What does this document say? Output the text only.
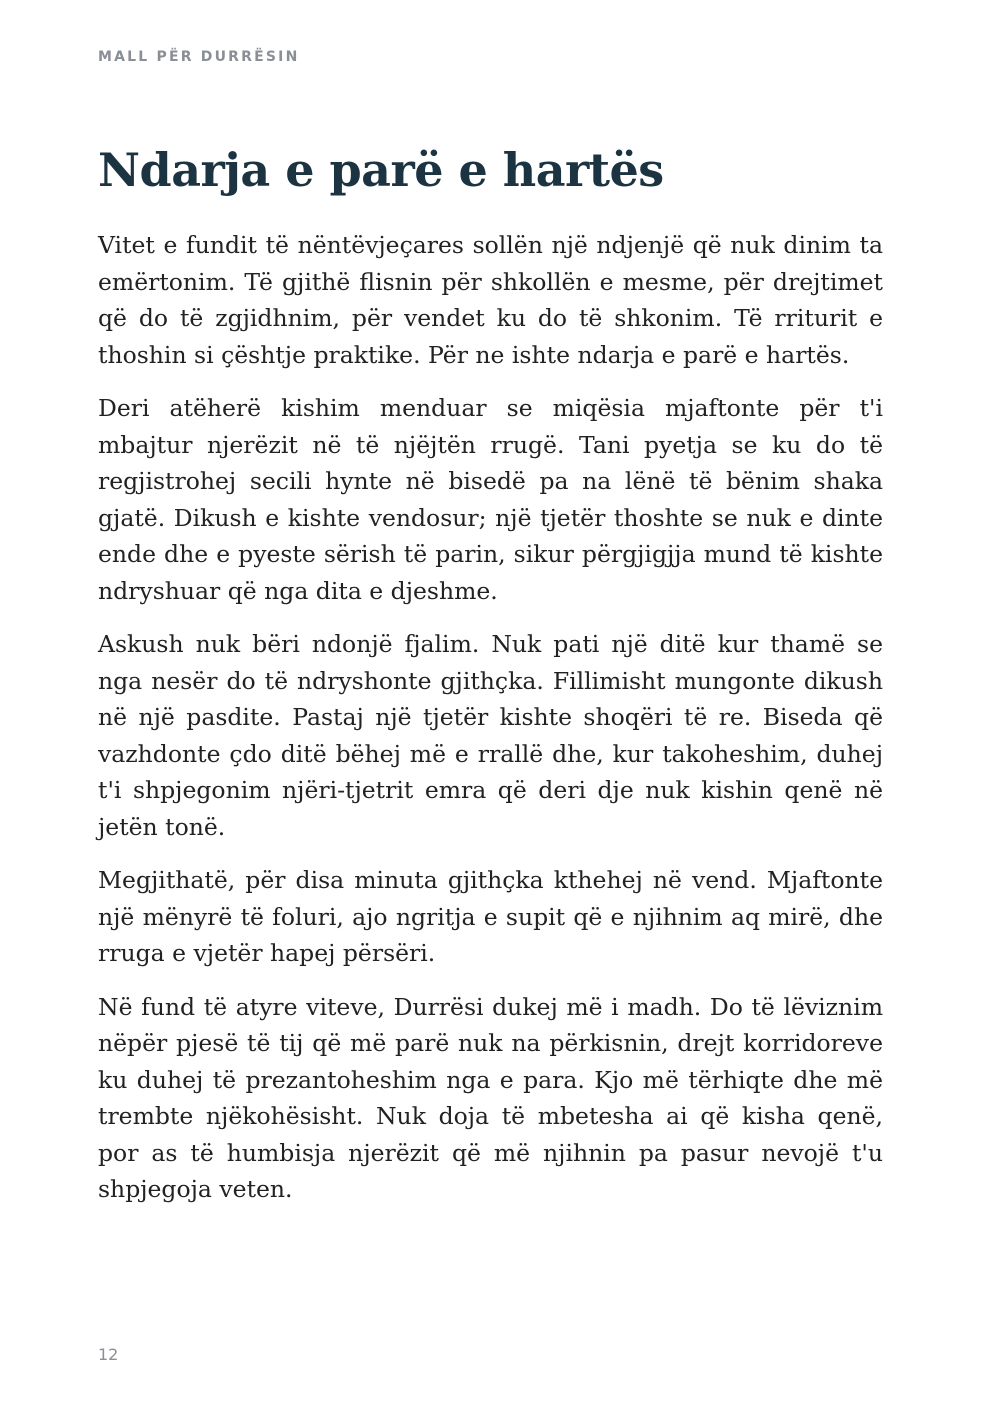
MALL PËR DURRËSIN
Ndarja e parë e hartës

Vitet e fundit të nëntëvjeçares sollën një ndjenjë që nuk dinim ta emërtonim. Të gjithë flisnin për shkollën e mesme, për drejtimet që do të zgjidhnim, për vendet ku do të shkonim. Të rriturit e thoshin si çështje praktike. Për ne ishte ndarja e parë e hartës.

Deri atëherë kishim menduar se miqësia mjaftonte për t'i mbajtur njerëzit në të njëjtën rrugë. Tani pyetja se ku do të regjistrohej secili hynte në bisedë pa na lënë të bënim shaka gjatë. Dikush e kishte vendosur; një tjetër thoshte se nuk e dinte ende dhe e pyeste sërish të parin, sikur përgjigjja mund të kishte ndryshuar që nga dita e djeshme.

Askush nuk bëri ndonjë fjalim. Nuk pati një ditë kur thamë se nga nesër do të ndryshonte gjithçka. Fillimisht mungonte dikush në një pasdite. Pastaj një tjetër kishte shoqëri të re. Biseda që vazhdonte çdo ditë bëhej më e rrallë dhe, kur takoheshim, duhej t'i shpjegonim njëri-tjetrit emra që deri dje nuk kishin qenë në jetën tonë.

Megjithatë, për disa minuta gjithçka kthehej në vend. Mjaftonte një mënyrë të foluri, ajo ngritja e supit që e njihnim aq mirë, dhe rruga e vjetër hapej përsëri.

Në fund të atyre viteve, Durrësi dukej më i madh. Do të lëviznim nëpër pjesë të tij që më parë nuk na përkisnin, drejt korridoreve ku duhej të prezantoheshim nga e para. Kjo më tërhiqte dhe më trembte njëkohësisht. Nuk doja të mbetesha ai që kisha qenë, por as të humbisja njerëzit që më njihnin pa pasur nevojë t'u shpjegoja veten.

12
